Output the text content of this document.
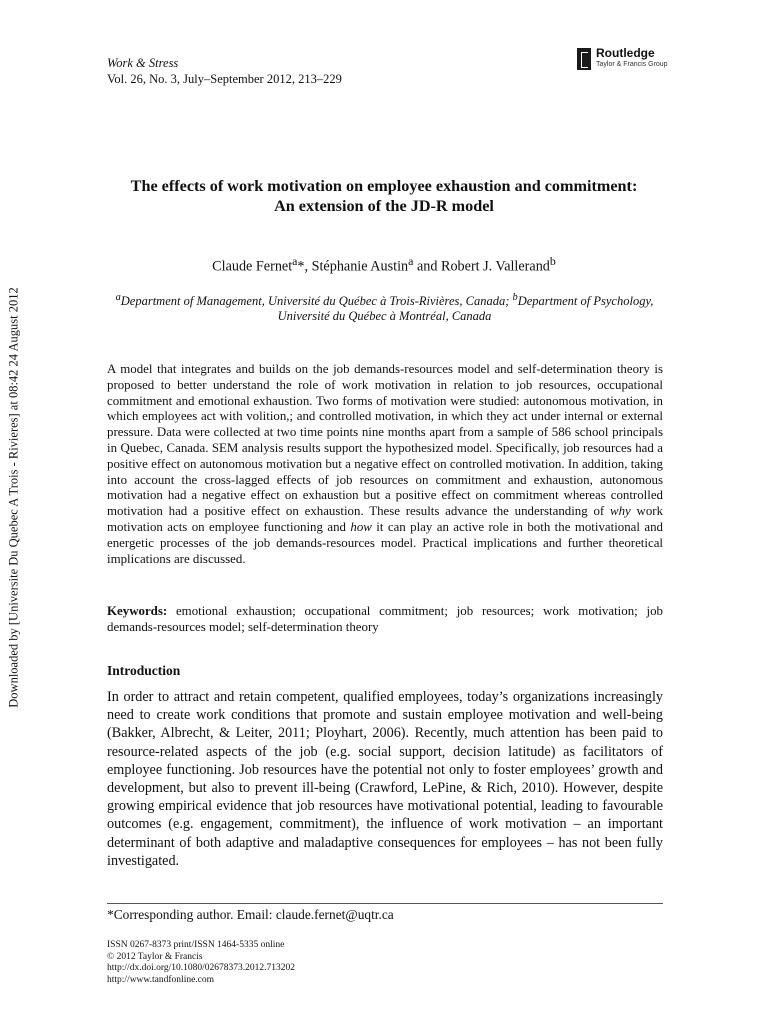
Downloaded by [Universite Du Quebec A Trois - Rivieres] at 08:42 24 August 2012
Work & Stress
Vol. 26, No. 3, July–September 2012, 213–229
Routledge
Taylor & Francis Group
The effects of work motivation on employee exhaustion and commitment:
An extension of the JD-R model
Claude Fernet$^a$*, Stéphanie Austin$^a$ and Robert J. Vallerand$^b$
$^a$Department of Management, Université du Québec à Trois-Rivières, Canada; $^b$Department of Psychology, Université du Québec à Montréal, Canada
A model that integrates and builds on the job demands-resources model and self-determination theory is proposed to better understand the role of work motivation in relation to job resources, occupational commitment and emotional exhaustion. Two forms of motivation were studied: autonomous motivation, in which employees act with volition,; and controlled motivation, in which they act under internal or external pressure. Data were collected at two time points nine months apart from a sample of 586 school principals in Quebec, Canada. SEM analysis results support the hypothesized model. Specifically, job resources had a positive effect on autonomous motivation but a negative effect on controlled motivation. In addition, taking into account the cross-lagged effects of job resources on commitment and exhaustion, autonomous motivation had a negative effect on exhaustion but a positive effect on commitment whereas controlled motivation had a positive effect on exhaustion. These results advance the understanding of why work motivation acts on employee functioning and how it can play an active role in both the motivational and energetic processes of the job demands-resources model. Practical implications and further theoretical implications are discussed.
Keywords: emotional exhaustion; occupational commitment; job resources; work motivation; job demands-resources model; self-determination theory
Introduction
In order to attract and retain competent, qualified employees, today’s organizations increasingly need to create work conditions that promote and sustain employee motivation and well-being (Bakker, Albrecht, & Leiter, 2011; Ployhart, 2006). Recently, much attention has been paid to resource-related aspects of the job (e.g. social support, decision latitude) as facilitators of employee functioning. Job resources have the potential not only to foster employees’ growth and development, but also to prevent ill-being (Crawford, LePine, & Rich, 2010). However, despite growing empirical evidence that job resources have motivational potential, leading to favourable outcomes (e.g. engagement, commitment), the influence of work motivation – an important determinant of both adaptive and maladaptive consequences for employees – has not been fully investigated.
*Corresponding author. Email: claude.fernet@uqtr.ca
ISSN 0267-8373 print/ISSN 1464-5335 online
© 2012 Taylor & Francis
http://dx.doi.org/10.1080/02678373.2012.713202
http://www.tandfonline.com
